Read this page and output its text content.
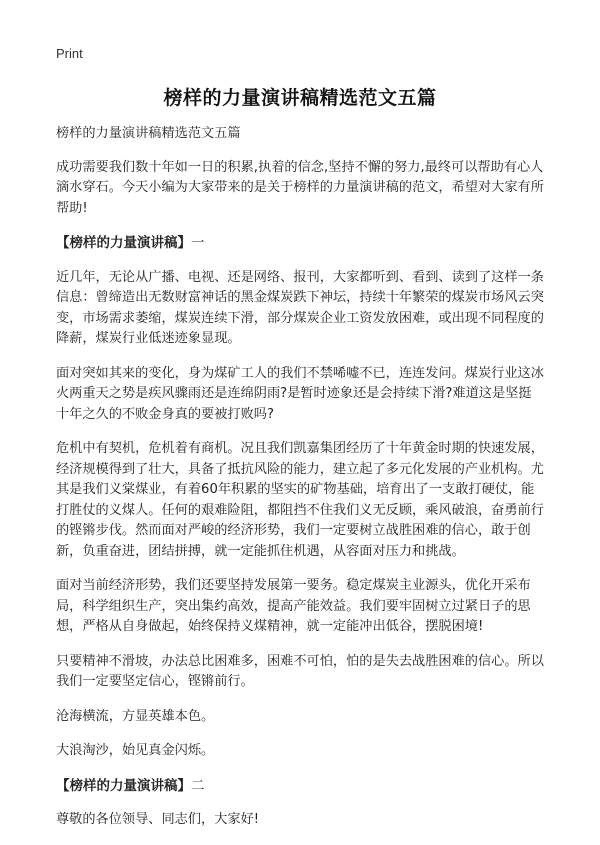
Print
榜样的力量演讲稿精选范文五篇

榜样的力量演讲稿精选范文五篇

成功需要我们数十年如一日的积累,执着的信念,坚持不懈的努力,最终可以帮助有心人滴水穿石。今天小编为大家带来的是关于榜样的力量演讲稿的范文，希望对大家有所帮助!

【榜样的力量演讲稿】一

近几年，无论从广播、电视、还是网络、报刊，大家都听到、看到、读到了这样一条信息：曾缔造出无数财富神话的黑金煤炭跌下神坛，持续十年繁荣的煤炭市场风云突变，市场需求萎缩，煤炭连续下滑，部分煤炭企业工资发放困难，或出现不同程度的降薪，煤炭行业低迷迹象显现。

面对突如其来的变化，身为煤矿工人的我们不禁唏嘘不已，连连发问。煤炭行业这冰火两重天之势是疾风骤雨还是连绵阴雨?是暂时迹象还是会持续下滑?难道这是坚挺十年之久的不败金身真的要被打败吗?

危机中有契机，危机着有商机。况且我们凯嘉集团经历了十年黄金时期的快速发展，经济规模得到了壮大，具备了抵抗风险的能力，建立起了多元化发展的产业机构。尤其是我们义棠煤业，有着60年积累的坚实的矿物基础，培育出了一支敢打硬仗，能打胜仗的义煤人。任何的艰难险阻，都阻挡不住我们义无反顾，乘风破浪，奋勇前行的铿锵步伐。然而面对严峻的经济形势，我们一定要树立战胜困难的信心，敢于创新，负重奋进，团结拼搏，就一定能抓住机遇，从容面对压力和挑战。

面对当前经济形势，我们还要坚持发展第一要务。稳定煤炭主业源头，优化开采布局，科学组织生产，突出集约高效，提高产能效益。我们要牢固树立过紧日子的思想，严格从自身做起，始终保持义煤精神，就一定能冲出低谷，摆脱困境!

只要精神不滑坡，办法总比困难多，困难不可怕，怕的是失去战胜困难的信心。所以我们一定要坚定信心，铿锵前行。

沧海横流，方显英雄本色。

大浪淘沙，始见真金闪烁。

【榜样的力量演讲稿】二

尊敬的各位领导、同志们，大家好!
